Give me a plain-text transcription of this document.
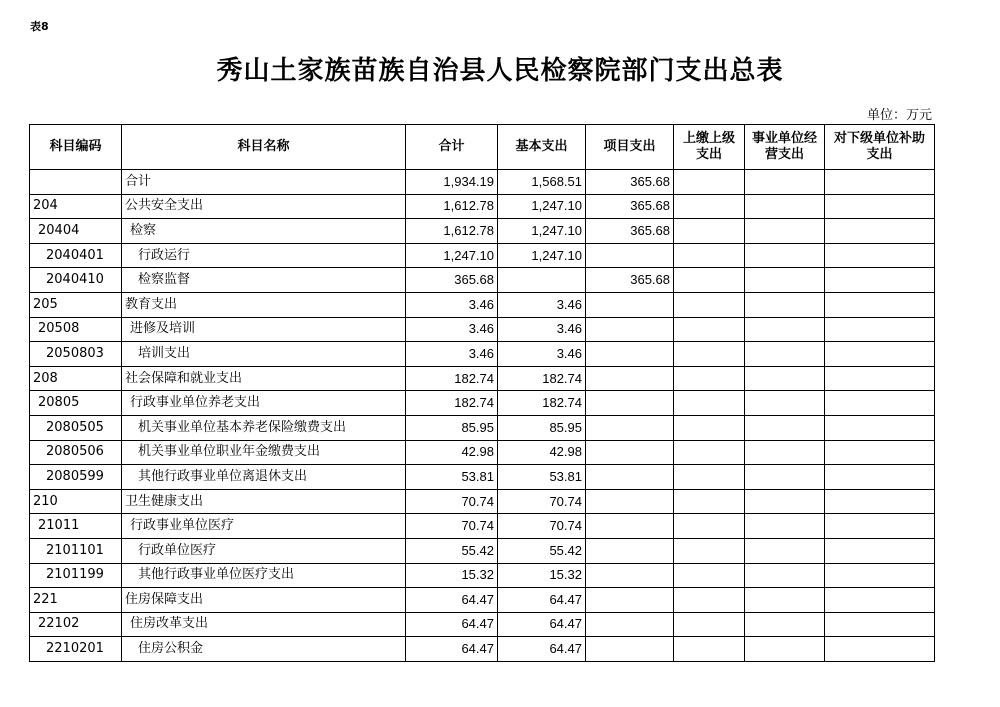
表8
秀山土家族苗族自治县人民检察院部门支出总表
单位：万元
科目编码	科目名称	合计	基本支出	项目支出	上缴上级支出	事业单位经营支出	对下级单位补助支出
	合计	1,934.19	1,568.51	365.68			
204	公共安全支出	1,612.78	1,247.10	365.68			
20404	检察	1,612.78	1,247.10	365.68			
2040401	行政运行	1,247.10	1,247.10				
2040410	检察监督	365.68		365.68			
205	教育支出	3.46	3.46				
20508	进修及培训	3.46	3.46				
2050803	培训支出	3.46	3.46				
208	社会保障和就业支出	182.74	182.74				
20805	行政事业单位养老支出	182.74	182.74				
2080505	机关事业单位基本养老保险缴费支出	85.95	85.95				
2080506	机关事业单位职业年金缴费支出	42.98	42.98				
2080599	其他行政事业单位离退休支出	53.81	53.81				
210	卫生健康支出	70.74	70.74				
21011	行政事业单位医疗	70.74	70.74				
2101101	行政单位医疗	55.42	55.42				
2101199	其他行政事业单位医疗支出	15.32	15.32				
221	住房保障支出	64.47	64.47				
22102	住房改革支出	64.47	64.47				
2210201	住房公积金	64.47	64.47				
